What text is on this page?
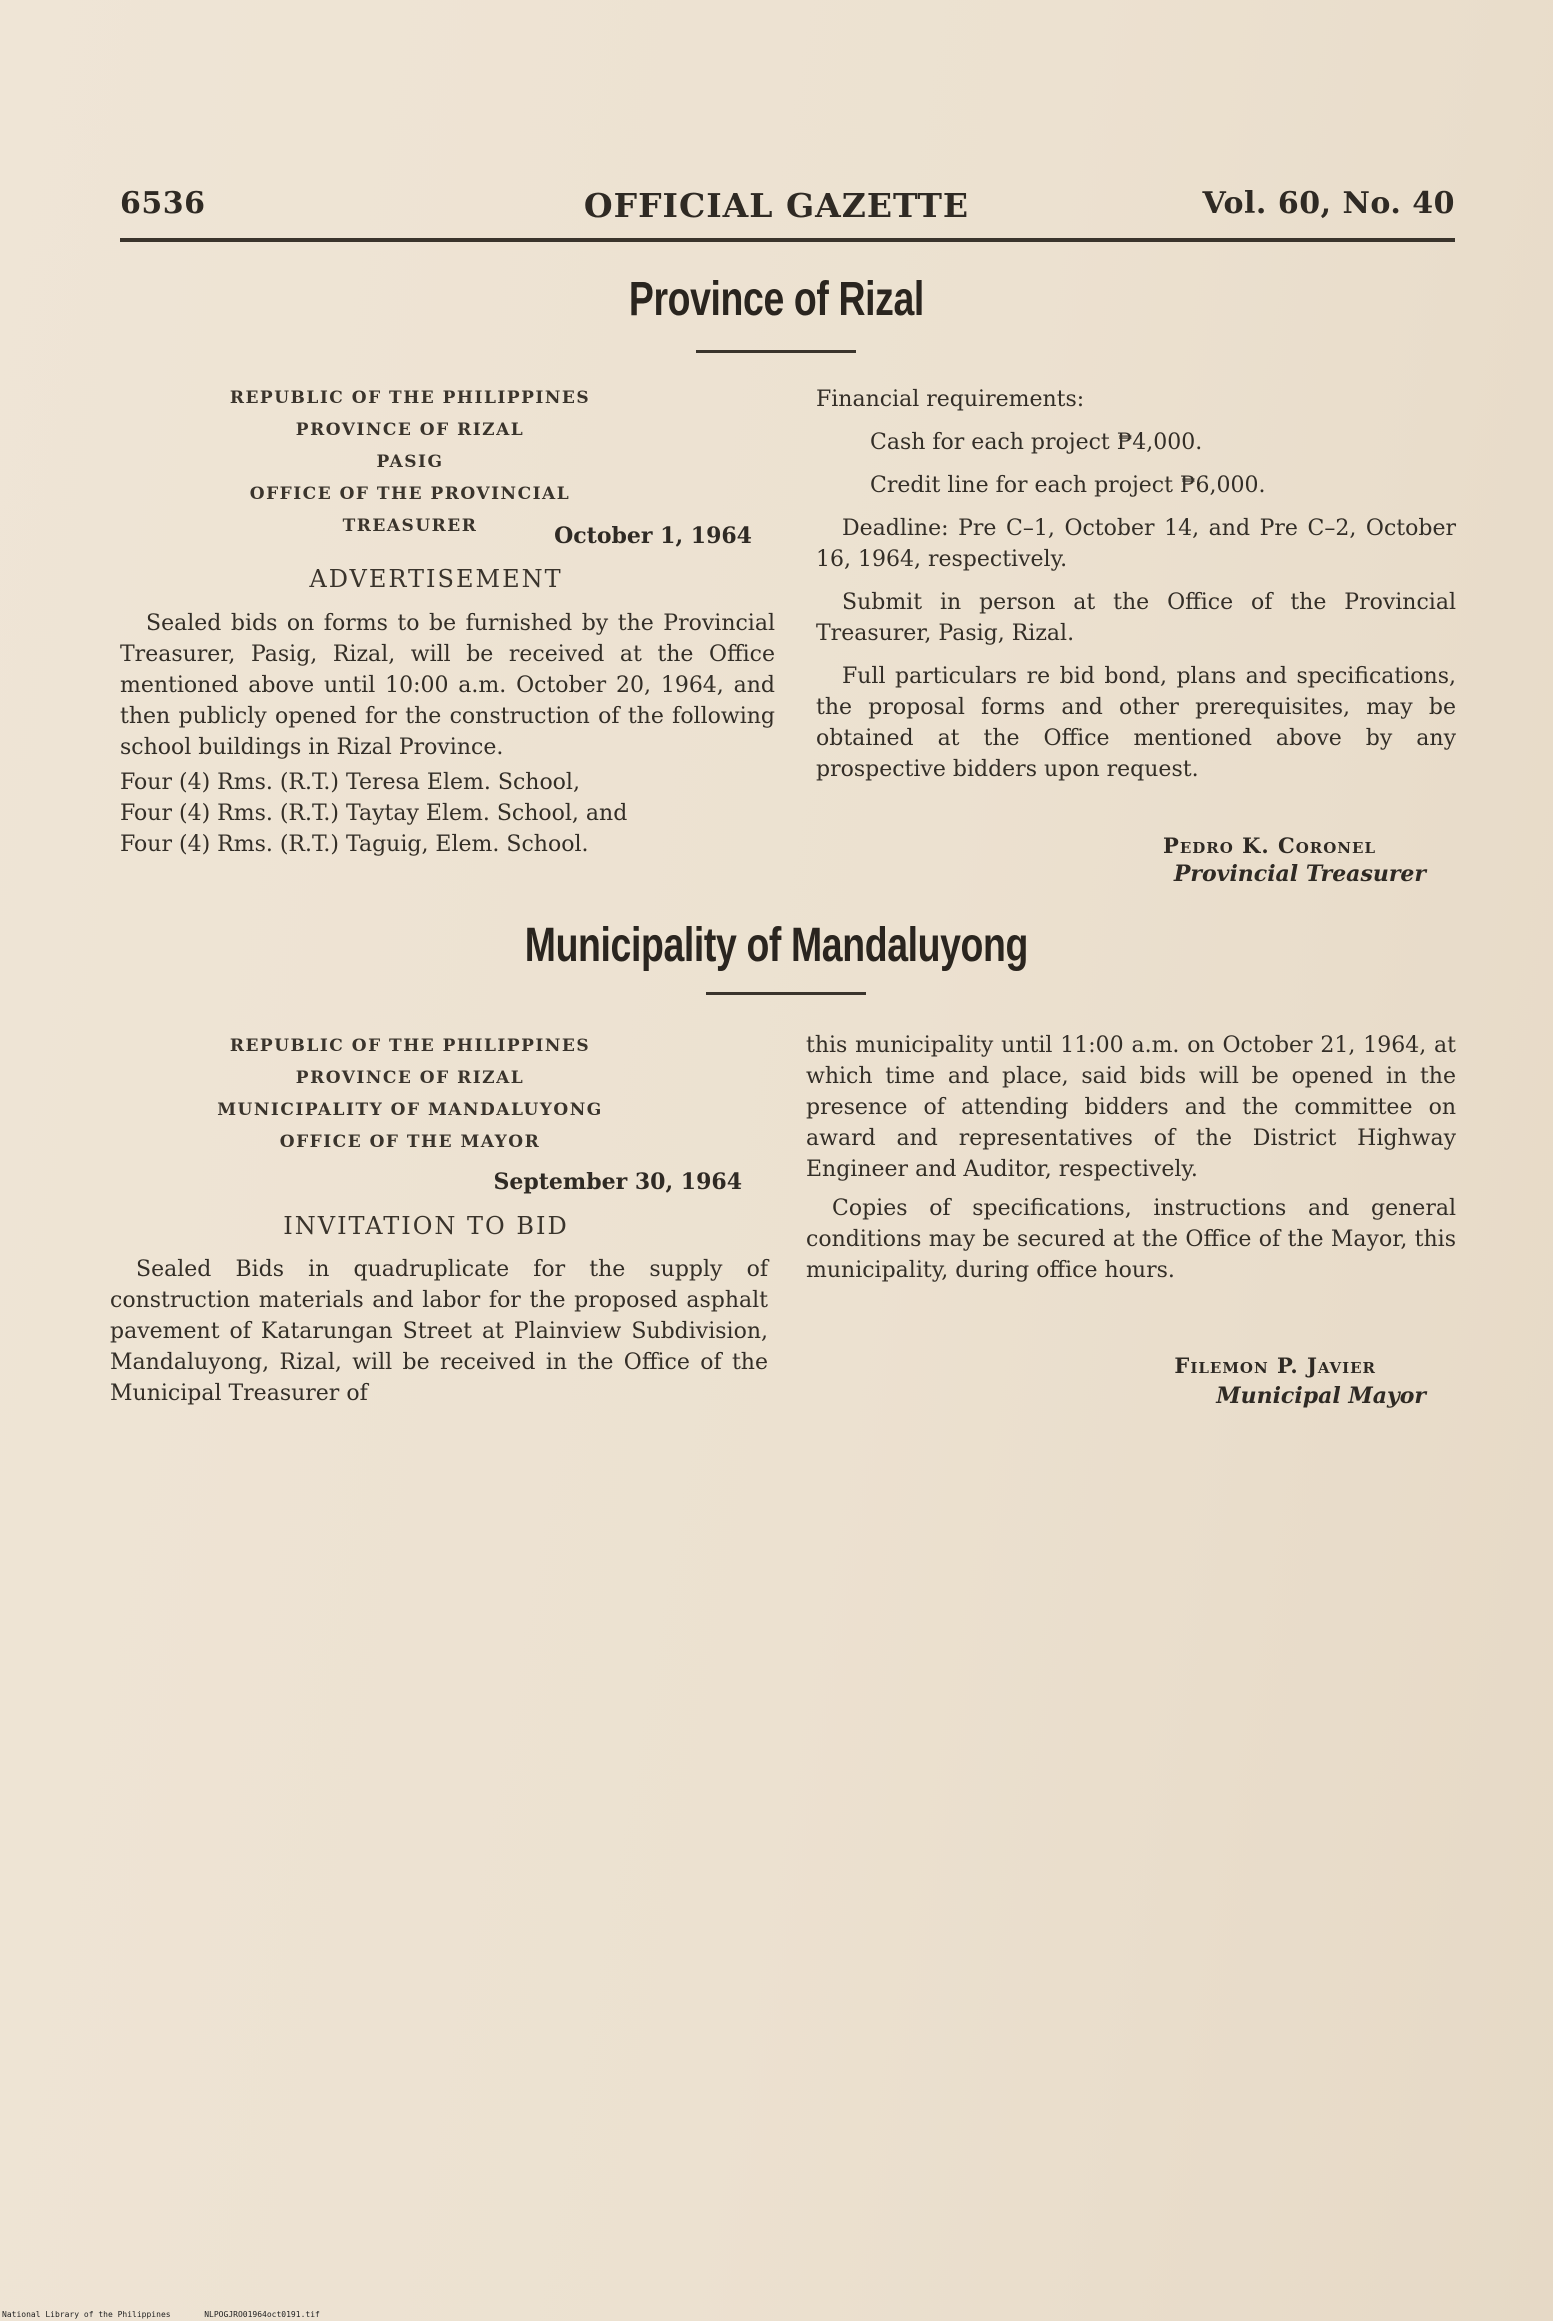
6536	OFFICIAL GAZETTE	Vol. 60, No. 40
Province of Rizal
REPUBLIC OF THE PHILIPPINES
PROVINCE OF RIZAL
PASIG
OFFICE OF THE PROVINCIAL TREASURER	October 1, 1964
ADVERTISEMENT

Sealed bids on forms to be furnished by the Provincial Treasurer, Pasig, Rizal, will be received at the Office mentioned above until 10:00 a.m. October 20, 1964, and then publicly opened for the construction of the following school buildings in Rizal Province.

Four (4) Rms. (R.T.) Teresa Elem. School,
Four (4) Rms. (R.T.) Taytay Elem. School, and
Four (4) Rms. (R.T.) Taguig, Elem. School.

Financial requirements:

Cash for each project ₱4,000.

Credit line for each project ₱6,000.

Deadline: Pre C–1, October 14, and Pre C–2, October 16, 1964, respectively.

Submit in person at the Office of the Provincial Treasurer, Pasig, Rizal.

Full particulars re bid bond, plans and specifications, the proposal forms and other prerequisites, may be obtained at the Office mentioned above by any prospective bidders upon request.

Pedro K. Coronel
Provincial Treasurer
Municipality of Mandaluyong
REPUBLIC OF THE PHILIPPINES
PROVINCE OF RIZAL
MUNICIPALITY OF MANDALUYONG
OFFICE OF THE MAYOR
September 30, 1964
INVITATION TO BID

Sealed Bids in quadruplicate for the supply of construction materials and labor for the proposed asphalt pavement of Katarungan Street at Plainview Subdivision, Mandaluyong, Rizal, will be received in the Office of the Municipal Treasurer of

this municipality until 11:00 a.m. on October 21, 1964, at which time and place, said bids will be opened in the presence of attending bidders and the committee on award and representatives of the District Highway Engineer and Auditor, respectively.

Copies of specifications, instructions and general conditions may be secured at the Office of the Mayor, this municipality, during office hours.

Filemon P. Javier
Municipal Mayor
National Library of the Philippines	NLPOGJRO01964oct0191.tif
